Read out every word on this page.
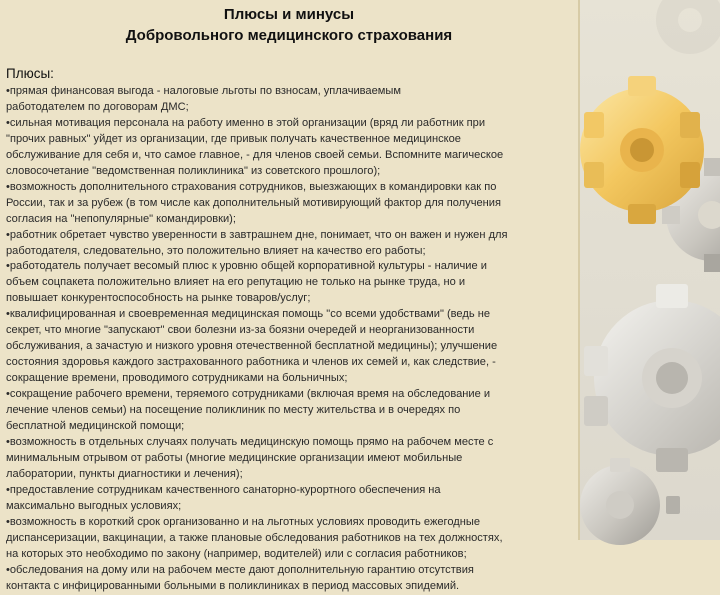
Плюсы и минусы
Добровольного медицинского страхования
Плюсы:

•прямая финансовая выгода - налоговые льготы по взносам, уплачиваемым
работодателем по договорам ДМС;
•сильная мотивация персонала на работу именно в этой организации (вряд ли работник при
"прочих равных" уйдет из организации, где привык получать качественное медицинское
обслуживание для себя и, что самое главное, - для членов своей семьи. Вспомните магическое
словосочетание "ведомственная поликлиника" из советского прошлого);
•возможность дополнительного страхования сотрудников, выезжающих в командировки как по
России, так и за рубеж (в том числе как дополнительный мотивирующий фактор для получения
согласия на "непопулярные" командировки);
•работник обретает чувство уверенности в завтрашнем дне, понимает, что он важен и нужен для
работодателя, следовательно, это положительно влияет на качество его работы;
•работодатель получает весомый плюс к уровню общей корпоративной культуры - наличие и
объем соцпакета положительно влияет на его репутацию не только на рынке труда, но и
повышает конкурентоспособность на рынке товаров/услуг;
•квалифицированная и своевременная медицинская помощь "со всеми удобствами" (ведь не
секрет, что многие "запускают" свои болезни из-за боязни очередей и неорганизованности
обслуживания, а зачастую и низкого уровня отечественной бесплатной медицины); улучшение
состояния здоровья каждого застрахованного работника и членов их семей и, как следствие, -
сокращение времени, проводимого сотрудниками на больничных;
•сокращение рабочего времени, теряемого сотрудниками (включая время на обследование и
лечение членов семьи) на посещение поликлиник по месту жительства и в очередях по
бесплатной медицинской помощи;
•возможность в отдельных случаях получать медицинскую помощь прямо на рабочем месте с
минимальным отрывом от работы (многие медицинские организации имеют мобильные
лаборатории, пункты диагностики и лечения);
•предоставление сотрудникам качественного санаторно-курортного обеспечения на
максимально выгодных условиях;
•возможность в короткий срок организованно и на льготных условиях проводить ежегодные
диспансеризации, вакцинации, а также плановые обследования работников на тех должностях,
на которых это необходимо по закону (например, водителей) или с согласия работников;
•обследования на дому или на рабочем месте дают дополнительную гарантию отсутствия
контакта с инфицированными больными в поликлиниках в период массовых эпидемий.
